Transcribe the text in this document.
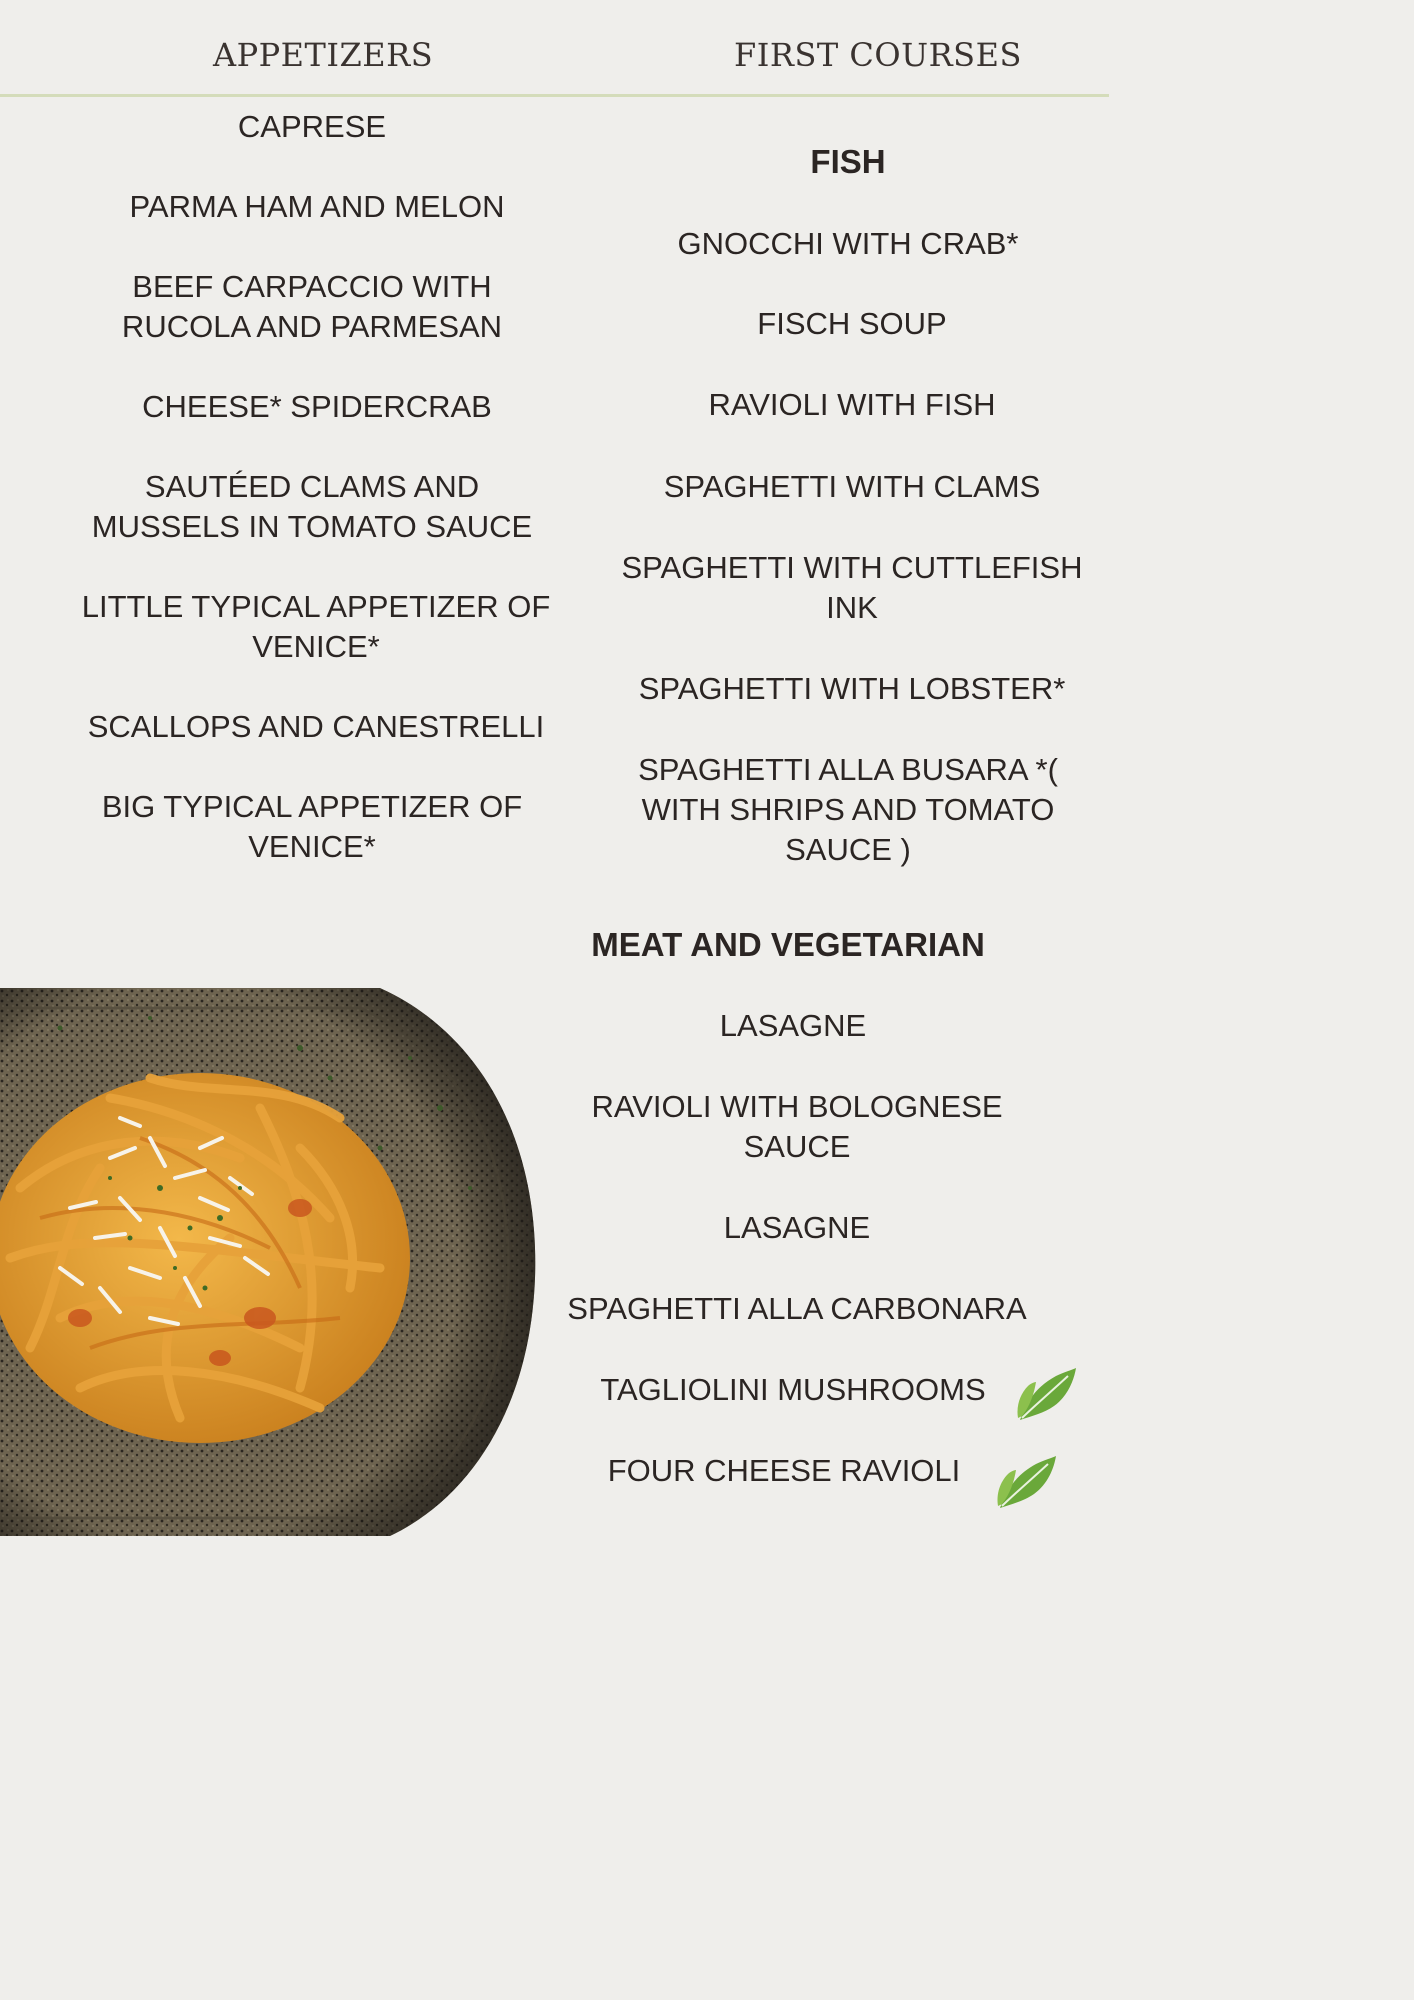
APPETIZERS	FIRST COURSES
CAPRESE
PARMA HAM AND MELON
BEEF CARPACCIO WITH
RUCOLA AND PARMESAN
CHEESE* SPIDERCRAB
SAUTÉED CLAMS AND
MUSSELS IN TOMATO SAUCE
LITTLE TYPICAL APPETIZER OF
VENICE*
SCALLOPS AND CANESTRELLI
BIG TYPICAL APPETIZER OF
VENICE*
FISH
GNOCCHI WITH CRAB*
FISCH SOUP
RAVIOLI WITH FISH
SPAGHETTI WITH CLAMS
SPAGHETTI WITH CUTTLEFISH
INK
SPAGHETTI WITH LOBSTER*
SPAGHETTI ALLA BUSARA *(
WITH SHRIPS AND TOMATO
SAUCE )
MEAT AND VEGETARIAN
LASAGNE
RAVIOLI WITH BOLOGNESE
SAUCE
LASAGNE
SPAGHETTI ALLA CARBONARA
TAGLIOLINI MUSHROOMS
FOUR CHEESE RAVIOLI
